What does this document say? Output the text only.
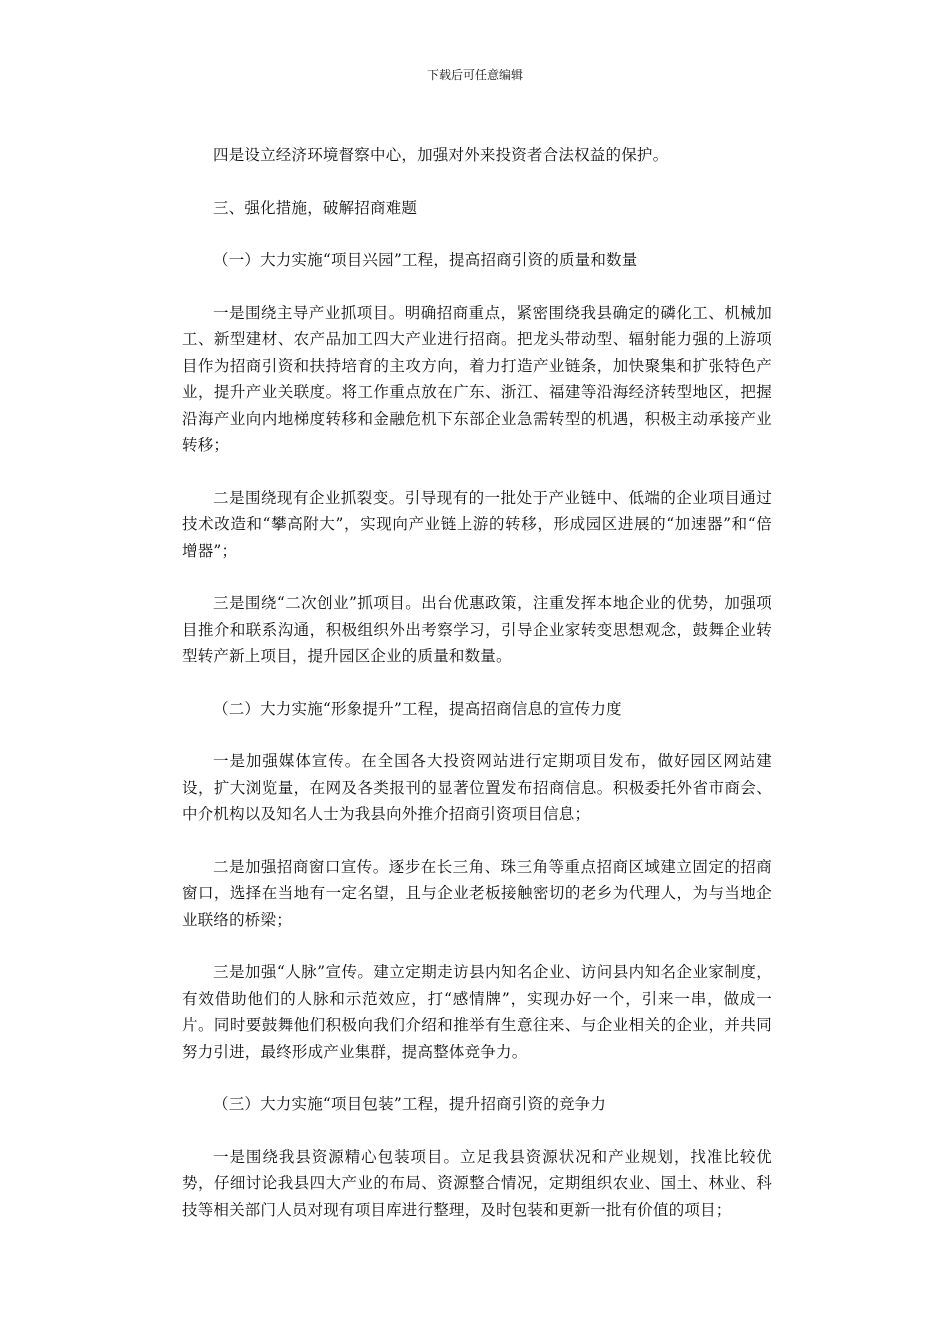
下载后可任意编辑

四是设立经济环境督察中心，加强对外来投资者合法权益的保护。

三、强化措施，破解招商难题

（一）大力实施“项目兴园”工程，提高招商引资的质量和数量

一是围绕主导产业抓项目。明确招商重点，紧密围绕我县确定的磷化工、机械加工、新型建材、农产品加工四大产业进行招商。把龙头带动型、辐射能力强的上游项目作为招商引资和扶持培育的主攻方向，着力打造产业链条，加快聚集和扩张特色产业，提升产业关联度。将工作重点放在广东、浙江、福建等沿海经济转型地区，把握沿海产业向内地梯度转移和金融危机下东部企业急需转型的机遇，积极主动承接产业转移；

二是围绕现有企业抓裂变。引导现有的一批处于产业链中、低端的企业项目通过技术改造和“攀高附大”，实现向产业链上游的转移，形成园区进展的“加速器”和“倍增器”；

三是围绕“二次创业”抓项目。出台优惠政策，注重发挥本地企业的优势，加强项目推介和联系沟通，积极组织外出考察学习，引导企业家转变思想观念，鼓舞企业转型转产新上项目，提升园区企业的质量和数量。

（二）大力实施“形象提升”工程，提高招商信息的宣传力度

一是加强媒体宣传。在全国各大投资网站进行定期项目发布，做好园区网站建设，扩大浏览量，在网及各类报刊的显著位置发布招商信息。积极委托外省市商会、中介机构以及知名人士为我县向外推介招商引资项目信息；

二是加强招商窗口宣传。逐步在长三角、珠三角等重点招商区域建立固定的招商窗口，选择在当地有一定名望，且与企业老板接触密切的老乡为代理人，为与当地企业联络的桥梁；

三是加强“人脉”宣传。建立定期走访县内知名企业、访问县内知名企业家制度，有效借助他们的人脉和示范效应，打“感情牌”，实现办好一个，引来一串，做成一片。同时要鼓舞他们积极向我们介绍和推举有生意往来、与企业相关的企业，并共同努力引进，最终形成产业集群，提高整体竞争力。

（三）大力实施“项目包装”工程，提升招商引资的竞争力

一是围绕我县资源精心包装项目。立足我县资源状况和产业规划，找准比较优势，仔细讨论我县四大产业的布局、资源整合情况，定期组织农业、国土、林业、科技等相关部门人员对现有项目库进行整理，及时包装和更新一批有价值的项目；
